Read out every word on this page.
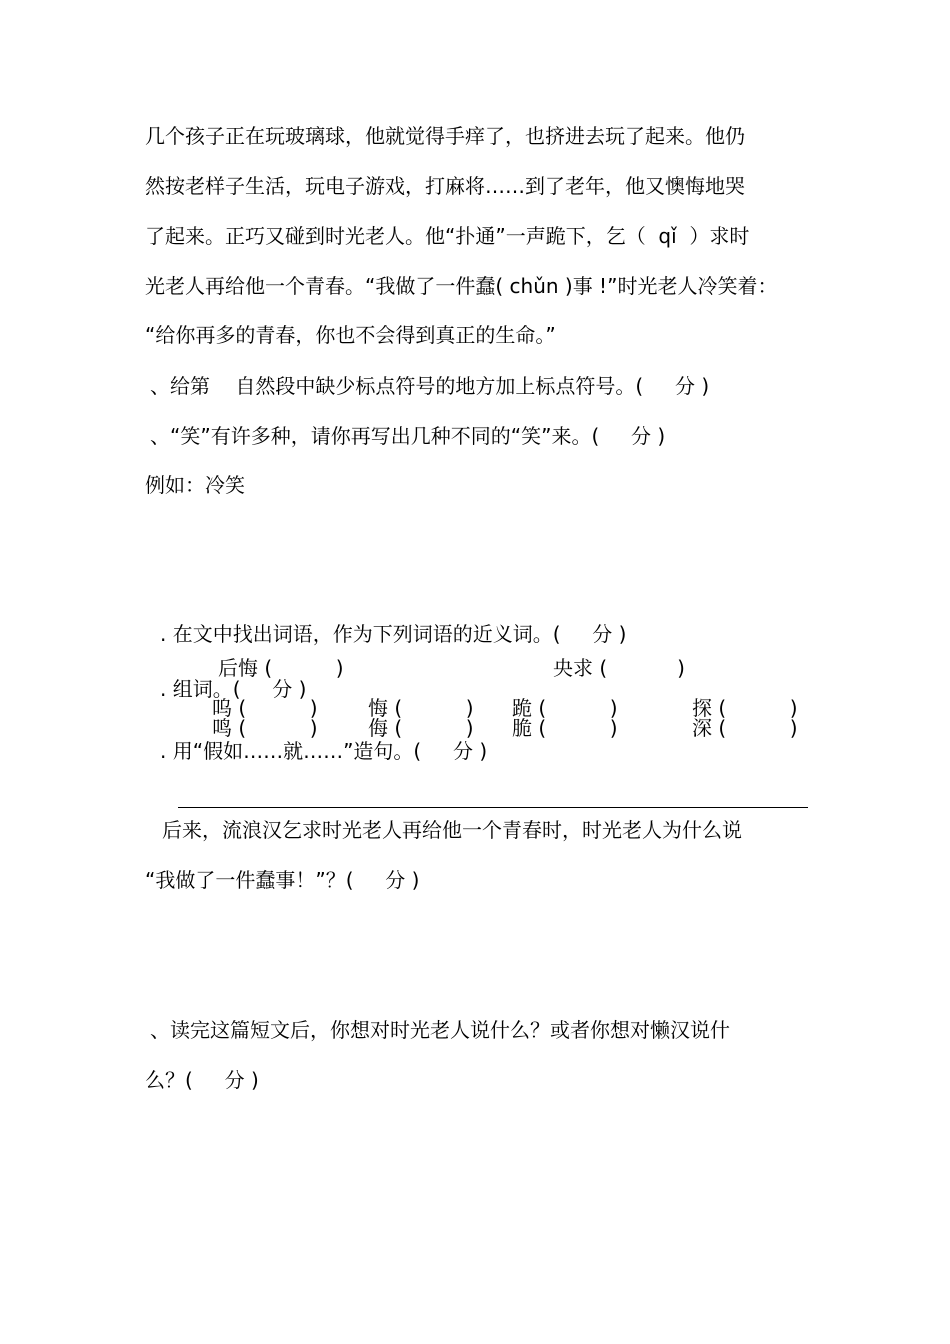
几个孩子正在玩玻璃球，他就觉得手痒了，也挤进去玩了起来。他仍
然按老样子生活，玩电子游戏，打麻将……到了老年，他又懊悔地哭
了起来。正巧又碰到时光老人。他“扑通”一声跪下，乞（  qǐ  ）求时
光老人再给他一个青春。“我做了一件蠢( chǔn )事 !”时光老人冷笑着：
“给你再多的青春，你也不会得到真正的生命。”
、给第    自然段中缺少标点符号的地方加上标点符号。(     分 )
、“笑”有许多种，请你再写出几种不同的“笑”来。(     分 )
例如：冷笑
. 在文中找出词语，作为下列词语的近义词。(     分 )
后悔 (          )	央求 (           )
. 组词。(     分 )
呜 (          )
鸣 (          )
悔 (          )
侮 (          )
跪 (          )
脆 (          )
探 (          )
深 (          )
. 用“假如……就……”造句。(     分 )
后来，流浪汉乞求时光老人再给他一个青春时，时光老人为什么说
“我做了一件蠢事！”？(     分 )
、读完这篇短文后，你想对时光老人说什么？或者你想对懒汉说什
么？(     分 )
